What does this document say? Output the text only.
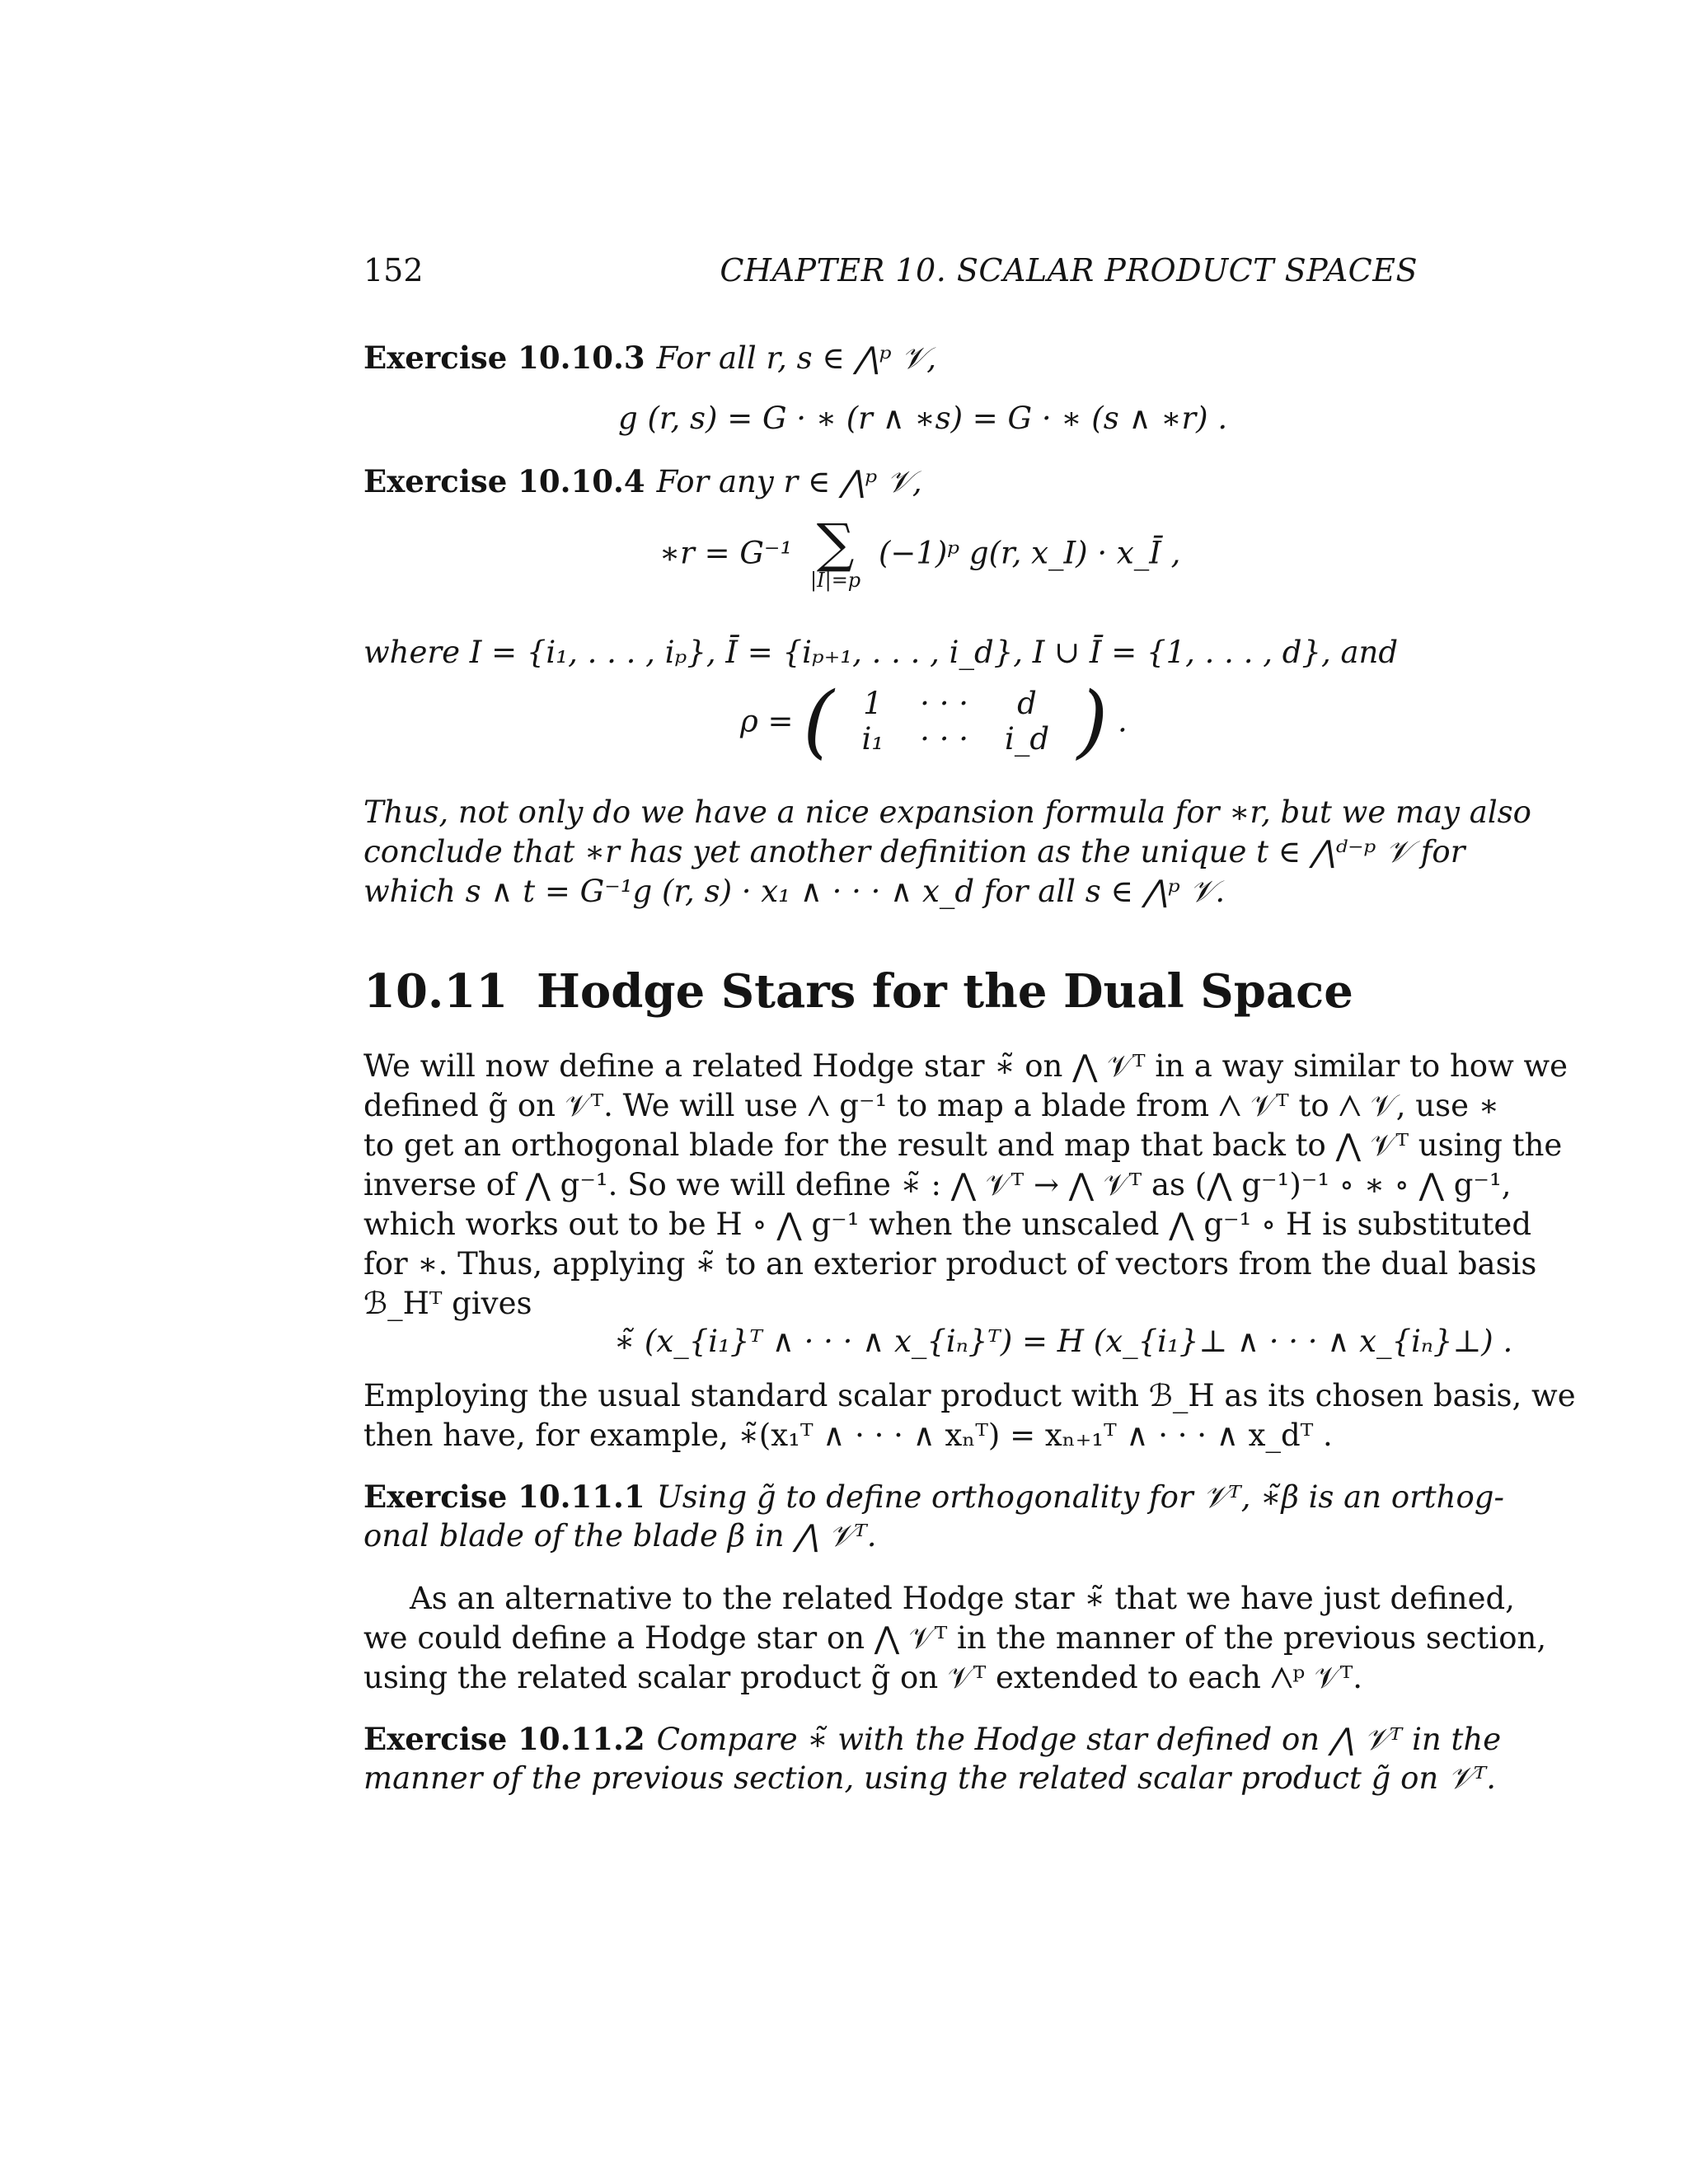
152	CHAPTER 10. SCALAR PRODUCT SPACES
Exercise 10.10.3 For all r, s ∈ ⋀ᵖ 𝒱,
g (r, s) = G · ∗ (r ∧ ∗s) = G · ∗ (s ∧ ∗r) .
Exercise 10.10.4 For any r ∈ ⋀ᵖ 𝒱,
∗r = G⁻¹ ∑
|I|=p
(−1)ᵖ g(r, x_I) · x_Ī ,
where I = {i₁, . . . , iₚ}, Ī = {iₚ₊₁, . . . , i_d}, I ∪ Ī = {1, . . . , d}, and
ρ = ( 1	· · ·	d
i₁	· · ·	i_d ) .
Thus, not only do we have a nice expansion formula for ∗r, but we may also
conclude that ∗r has yet another definition as the unique t ∈ ⋀ᵈ⁻ᵖ 𝒱 for
which s ∧ t = G⁻¹g (r, s) · x₁ ∧ · · · ∧ x_d for all s ∈ ⋀ᵖ 𝒱.
10.11 Hodge Stars for the Dual Space
We will now define a related Hodge star ∗̃ on ⋀ 𝒱ᵀ in a way similar to how we
defined g̃ on 𝒱ᵀ. We will use ⋀ g⁻¹ to map a blade from ⋀ 𝒱ᵀ to ⋀ 𝒱, use ∗
to get an orthogonal blade for the result and map that back to ⋀ 𝒱ᵀ using the
inverse of ⋀ g⁻¹. So we will define ∗̃ : ⋀ 𝒱ᵀ → ⋀ 𝒱ᵀ as (⋀ g⁻¹)⁻¹ ∘ ∗ ∘ ⋀ g⁻¹,
which works out to be H ∘ ⋀ g⁻¹ when the unscaled ⋀ g⁻¹ ∘ H is substituted
for ∗. Thus, applying ∗̃ to an exterior product of vectors from the dual basis
ℬ_Hᵀ gives
∗̃ (x_{i₁}ᵀ ∧ · · · ∧ x_{iₙ}ᵀ) = H (x_{i₁}⊥ ∧ · · · ∧ x_{iₙ}⊥) .
Employing the usual standard scalar product with ℬ_H as its chosen basis, we
then have, for example, ∗̃(x₁ᵀ ∧ · · · ∧ xₙᵀ) = xₙ₊₁ᵀ ∧ · · · ∧ x_dᵀ .
Exercise 10.11.1 Using g̃ to define orthogonality for 𝒱ᵀ, ∗̃β is an orthog-
onal blade of the blade β in ⋀ 𝒱ᵀ.
As an alternative to the related Hodge star ∗̃ that we have just defined,
we could define a Hodge star on ⋀ 𝒱ᵀ in the manner of the previous section,
using the related scalar product g̃ on 𝒱ᵀ extended to each ⋀ᵖ 𝒱ᵀ.
Exercise 10.11.2 Compare ∗̃ with the Hodge star defined on ⋀ 𝒱ᵀ in the
manner of the previous section, using the related scalar product g̃ on 𝒱ᵀ.
